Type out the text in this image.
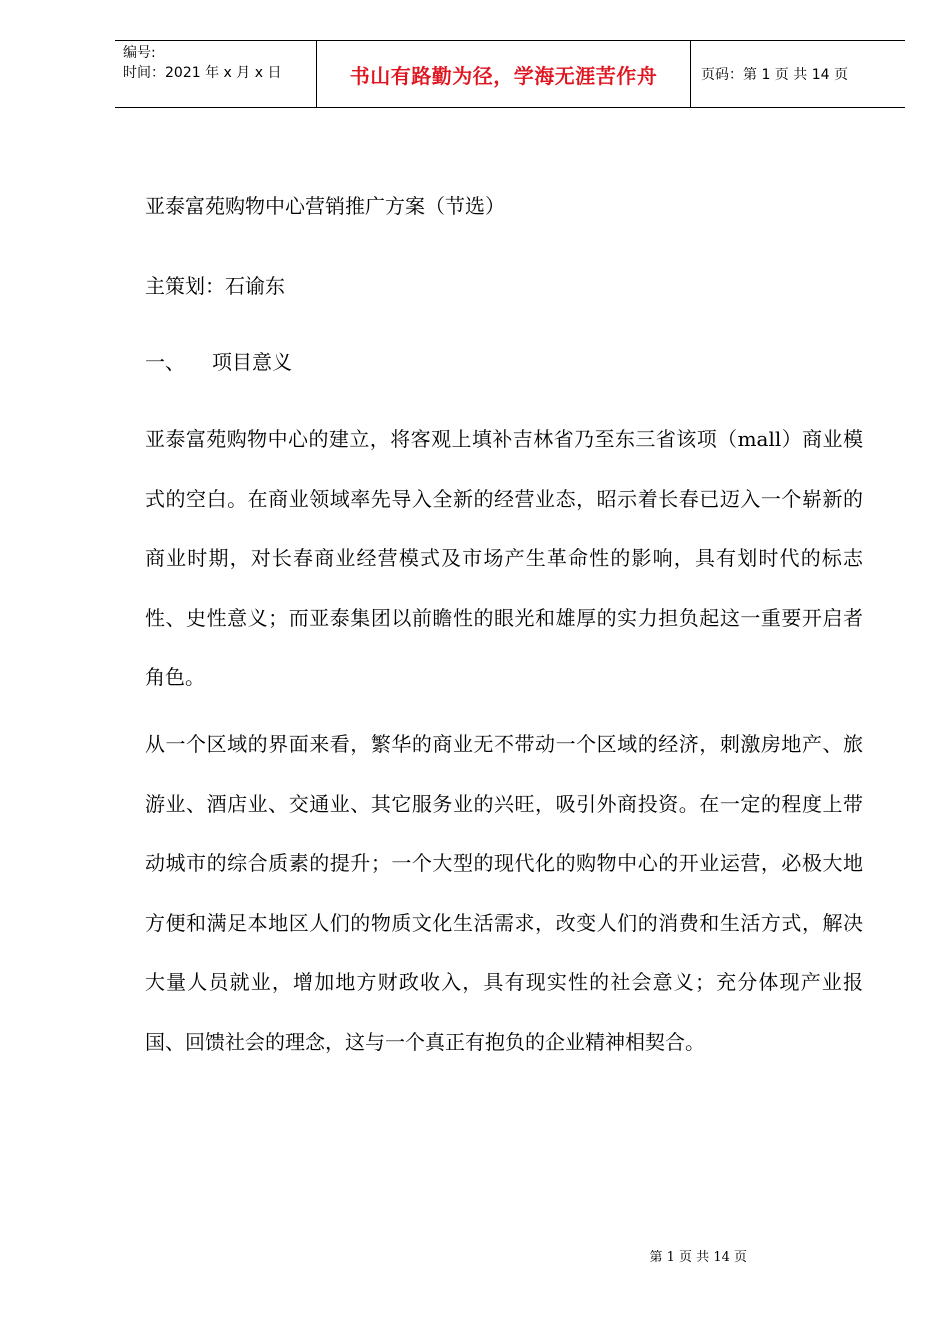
编号:
时间：2021 年 x 月 x 日	书山有路勤为径，学海无涯苦作舟	页码：第 1 页 共 14 页
亚泰富苑购物中心营销推广方案（节选）

主策划：石谕东

一、 项目意义

亚泰富苑购物中心的建立，将客观上填补吉林省乃至东三省该项（mall）商业模式的空白。在商业领域率先导入全新的经营业态，昭示着长春已迈入一个崭新的商业时期，对长春商业经营模式及市场产生革命性的影响，具有划时代的标志性、史性意义；而亚泰集团以前瞻性的眼光和雄厚的实力担负起这一重要开启者角色。

从一个区域的界面来看，繁华的商业无不带动一个区域的经济，刺激房地产、旅游业、酒店业、交通业、其它服务业的兴旺，吸引外商投资。在一定的程度上带动城市的综合质素的提升；一个大型的现代化的购物中心的开业运营，必极大地方便和满足本地区人们的物质文化生活需求，改变人们的消费和生活方式，解决大量人员就业，增加地方财政收入，具有现实性的社会意义；充分体现产业报国、回馈社会的理念，这与一个真正有抱负的企业精神相契合。

第 1 页 共 14 页
